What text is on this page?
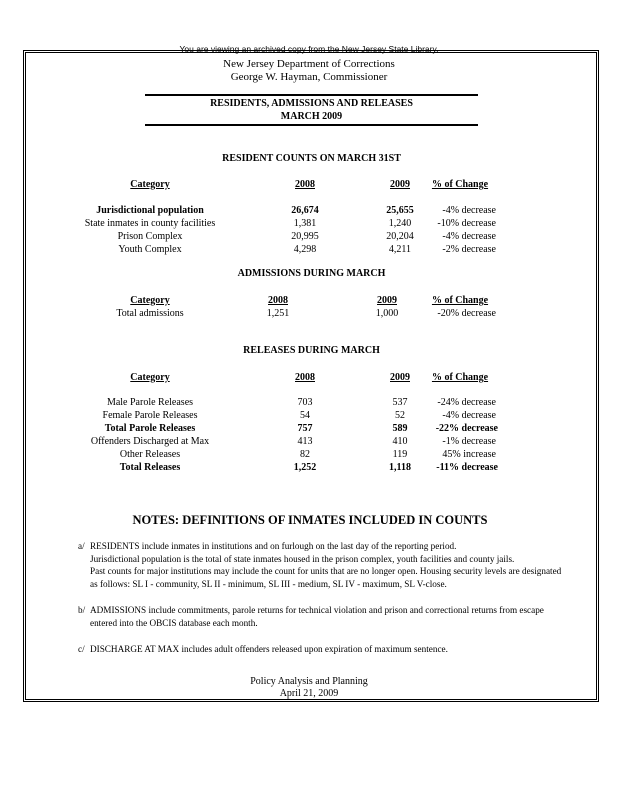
You are viewing an archived copy from the New Jersey State Library.
New Jersey Department of Corrections
George W. Hayman, Commissioner
RESIDENTS, ADMISSIONS AND RELEASES
MARCH 2009
RESIDENT COUNTS ON MARCH 31ST
Category	2008	2009	% of Change
Jurisdictional population	26,674	25,655	-4% decrease
State inmates in county facilities	1,381	1,240	-10% decrease
Prison Complex	20,995	20,204	-4% decrease
Youth Complex	4,298	4,211	-2% decrease
ADMISSIONS DURING MARCH
Category	2008	2009	% of Change
Total admissions	1,251	1,000	-20% decrease
RELEASES DURING MARCH
Category	2008	2009	% of Change
Male Parole Releases	703	537	-24% decrease
Female Parole Releases	54	52	-4% decrease
Total Parole Releases	757	589	-22% decrease
Offenders Discharged at Max	413	410	-1% decrease
Other Releases	82	119	45% increase
Total Releases	1,252	1,118	-11% decrease
NOTES: DEFINITIONS OF INMATES INCLUDED IN COUNTS
a/ RESIDENTS include inmates in institutions and on furlough on the last day of the reporting period.
Jurisdictional population is the total of state inmates housed in the prison complex, youth facilities and county jails.
Past counts for major institutions may include the count for units that are no longer open. Housing security levels are designated
as follows: SL I - community, SL II - minimum, SL III - medium, SL IV - maximum, SL V-close.
b/ ADMISSIONS include commitments, parole returns for technical violation and prison and correctional returns from escape
entered into the OBCIS database each month.
c/ DISCHARGE AT MAX includes adult offenders released upon expiration of maximum sentence.
Policy Analysis and Planning
April 21, 2009
